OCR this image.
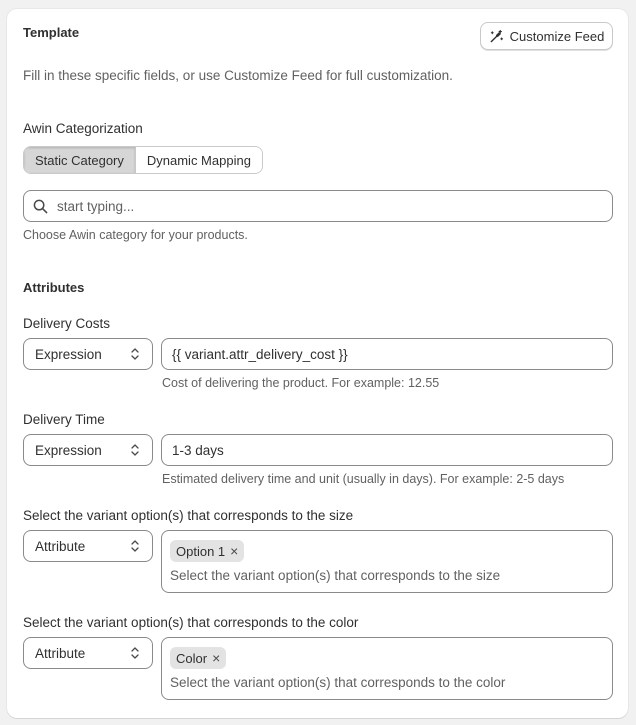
Template	Customize Feed
Fill in these specific fields, or use Customize Feed for full customization.
Awin Categorization
Static Category	Dynamic Mapping
start typing...
Choose Awin category for your products.
Attributes
Delivery Costs
Expression	{{ variant.attr_delivery_cost }}
Cost of delivering the product. For example: 12.55
Delivery Time
Expression	1-3 days
Estimated delivery time and unit (usually in days). For example: 2-5 days
Select the variant option(s) that corresponds to the size
Attribute	Option 1 ×
Select the variant option(s) that corresponds to the size
Select the variant option(s) that corresponds to the color
Attribute	Color ×
Select the variant option(s) that corresponds to the color
